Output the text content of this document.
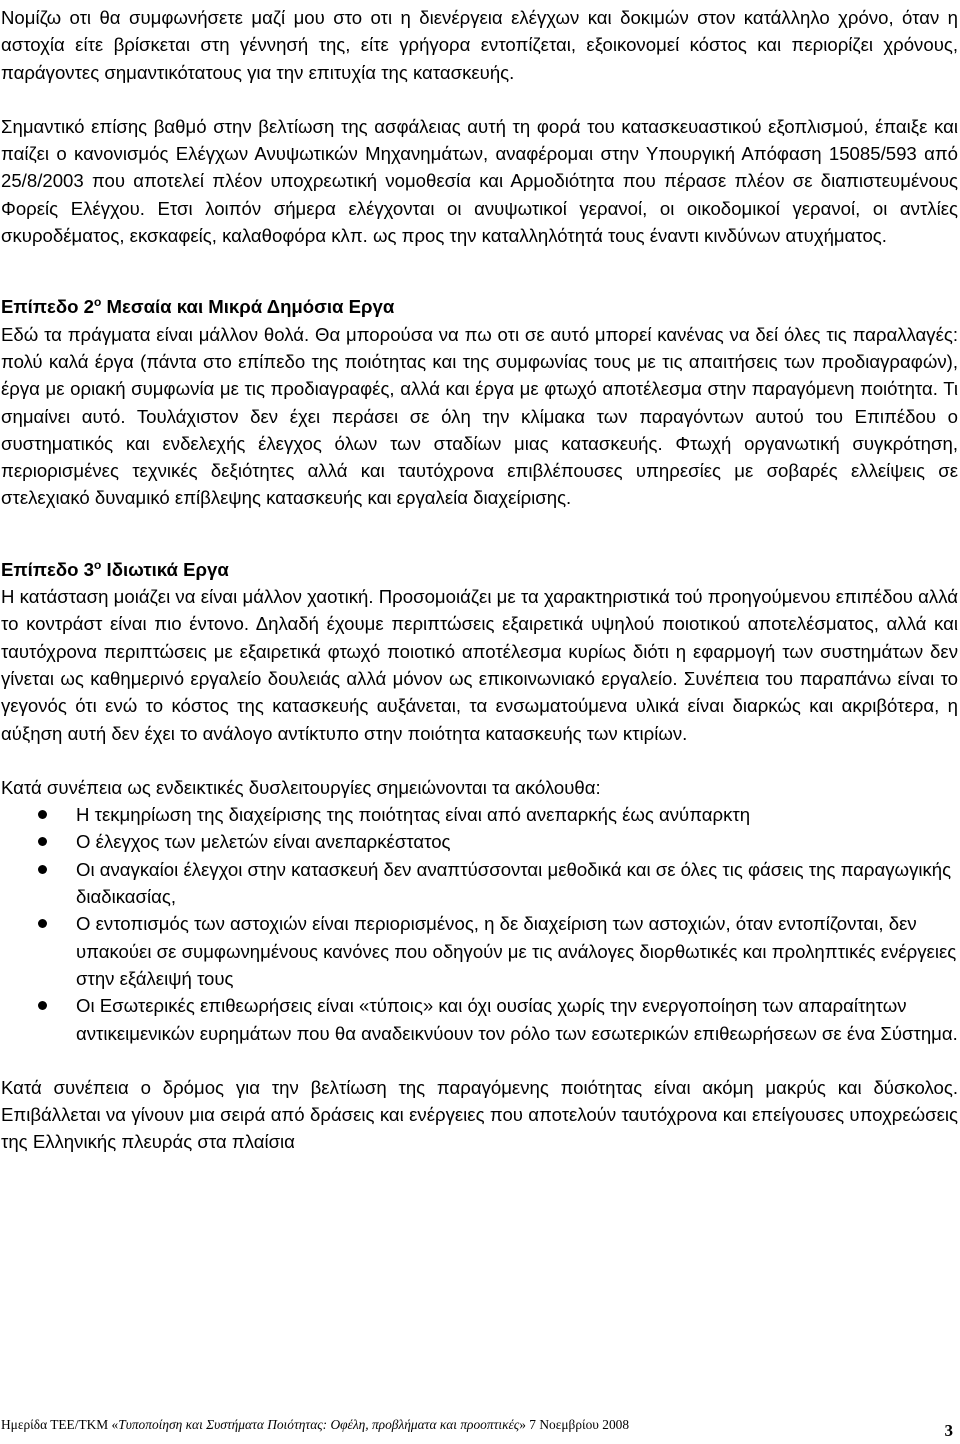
Νομίζω οτι θα συμφωνήσετε μαζί μου στο οτι η διενέργεια ελέγχων και δοκιμών στον κατάλληλο χρόνο, όταν η αστοχία είτε βρίσκεται στη γέννησή της, είτε γρήγορα εντοπίζεται, εξοικονομεί κόστος και περιορίζει χρόνους, παράγοντες σημαντικότατους για την επιτυχία της κατασκευής.

Σημαντικό επίσης βαθμό στην βελτίωση της ασφάλειας αυτή τη φορά του κατασκευαστικού εξοπλισμού, έπαιξε και παίζει ο κανονισμός Ελέγχων Ανυψωτικών Μηχανημάτων, αναφέρομαι στην Υπουργική Απόφαση 15085/593 από 25/8/2003 που αποτελεί πλέον υποχρεωτική νομοθεσία και Αρμοδιότητα που πέρασε πλέον σε διαπιστευμένους Φορείς Ελέγχου. Ετσι λοιπόν σήμερα ελέγχονται οι ανυψωτικοί γερανοί, οι οικοδομικοί γερανοί, οι αντλίες σκυροδέματος, εκσκαφείς, καλαθοφόρα κλπ. ως προς την καταλληλότητά τους έναντι κινδύνων ατυχήματος.

Επίπεδο $2^o$ Μεσαία και Μικρά Δημόσια Εργα

Εδώ τα πράγματα είναι μάλλον θολά. Θα μπορούσα να πω οτι σε αυτό μπορεί κανένας να δεί όλες τις παραλλαγές: πολύ καλά έργα (πάντα στο επίπεδο της ποιότητας και της συμφωνίας τους με τις απαιτήσεις των προδιαγραφών), έργα με οριακή συμφωνία με τις προδιαγραφές, αλλά και έργα με φτωχό αποτέλεσμα στην παραγόμενη ποιότητα. Τι σημαίνει αυτό. Τουλάχιστον δεν έχει περάσει σε όλη την κλίμακα των παραγόντων αυτού του Επιπέδου ο συστηματικός και ενδελεχής έλεγχος όλων των σταδίων μιας κατασκευής. Φτωχή οργανωτική συγκρότηση, περιορισμένες τεχνικές δεξιότητες αλλά και ταυτόχρονα επιβλέπουσες υπηρεσίες με σοβαρές ελλείψεις σε στελεχιακό δυναμικό επίβλεψης κατασκευής και εργαλεία διαχείρισης.

Επίπεδο $3^o$ Ιδιωτικά Εργα

Η κατάσταση μοιάζει να είναι μάλλον χαοτική. Προσομοιάζει με τα χαρακτηριστικά τού προηγούμενου επιπέδου αλλά το κοντράστ είναι πιο έντονο. Δηλαδή έχουμε περιπτώσεις εξαιρετικά υψηλού ποιοτικού αποτελέσματος, αλλά και ταυτόχρονα περιπτώσεις με εξαιρετικά φτωχό ποιοτικό αποτέλεσμα κυρίως διότι η εφαρμογή των συστημάτων δεν γίνεται ως καθημερινό εργαλείο δουλειάς αλλά μόνον ως επικοινωνιακό εργαλείο. Συνέπεια του παραπάνω είναι το γεγονός ότι ενώ το κόστος της κατασκευής αυξάνεται, τα ενσωματούμενα υλικά είναι διαρκώς και ακριβότερα, η αύξηση αυτή δεν έχει το ανάλογο αντίκτυπο στην ποιότητα κατασκευής των κτιρίων.

Κατά συνέπεια ως ενδεικτικές δυσλειτουργίες σημειώνονται τα ακόλουθα:

Η τεκμηρίωση της διαχείρισης της ποιότητας είναι από ανεπαρκής έως ανύπαρκτη
Ο έλεγχος των μελετών είναι ανεπαρκέστατος
Οι αναγκαίοι έλεγχοι στην κατασκευή δεν αναπτύσσονται μεθοδικά και σε όλες τις φάσεις της παραγωγικής διαδικασίας,
Ο εντοπισμός των αστοχιών είναι περιορισμένος, η δε διαχείριση των αστοχιών, όταν εντοπίζονται, δεν υπακούει σε συμφωνημένους κανόνες που οδηγούν με τις ανάλογες διορθωτικές και προληπτικές ενέργειες στην εξάλειψή τους
Οι Εσωτερικές επιθεωρήσεις είναι «τύποις» και όχι ουσίας χωρίς την ενεργοποίηση των απαραίτητων αντικειμενικών ευρημάτων που θα αναδεικνύουν τον ρόλο των εσωτερικών επιθεωρήσεων σε ένα Σύστημα.

Κατά συνέπεια ο δρόμος για την βελτίωση της παραγόμενης ποιότητας είναι ακόμη μακρύς και δύσκολος. Επιβάλλεται να γίνουν μια σειρά από δράσεις και ενέργειες που αποτελούν ταυτόχρονα και επείγουσες υποχρεώσεις της Ελληνικής πλευράς στα πλαίσια

Ημερίδα ΤΕΕ/ΤΚΜ «Τυποποίηση και Συστήματα Ποιότητας: Οφέλη, προβλήματα και προοπτικές» 7 Νοεμβρίου 2008	3
